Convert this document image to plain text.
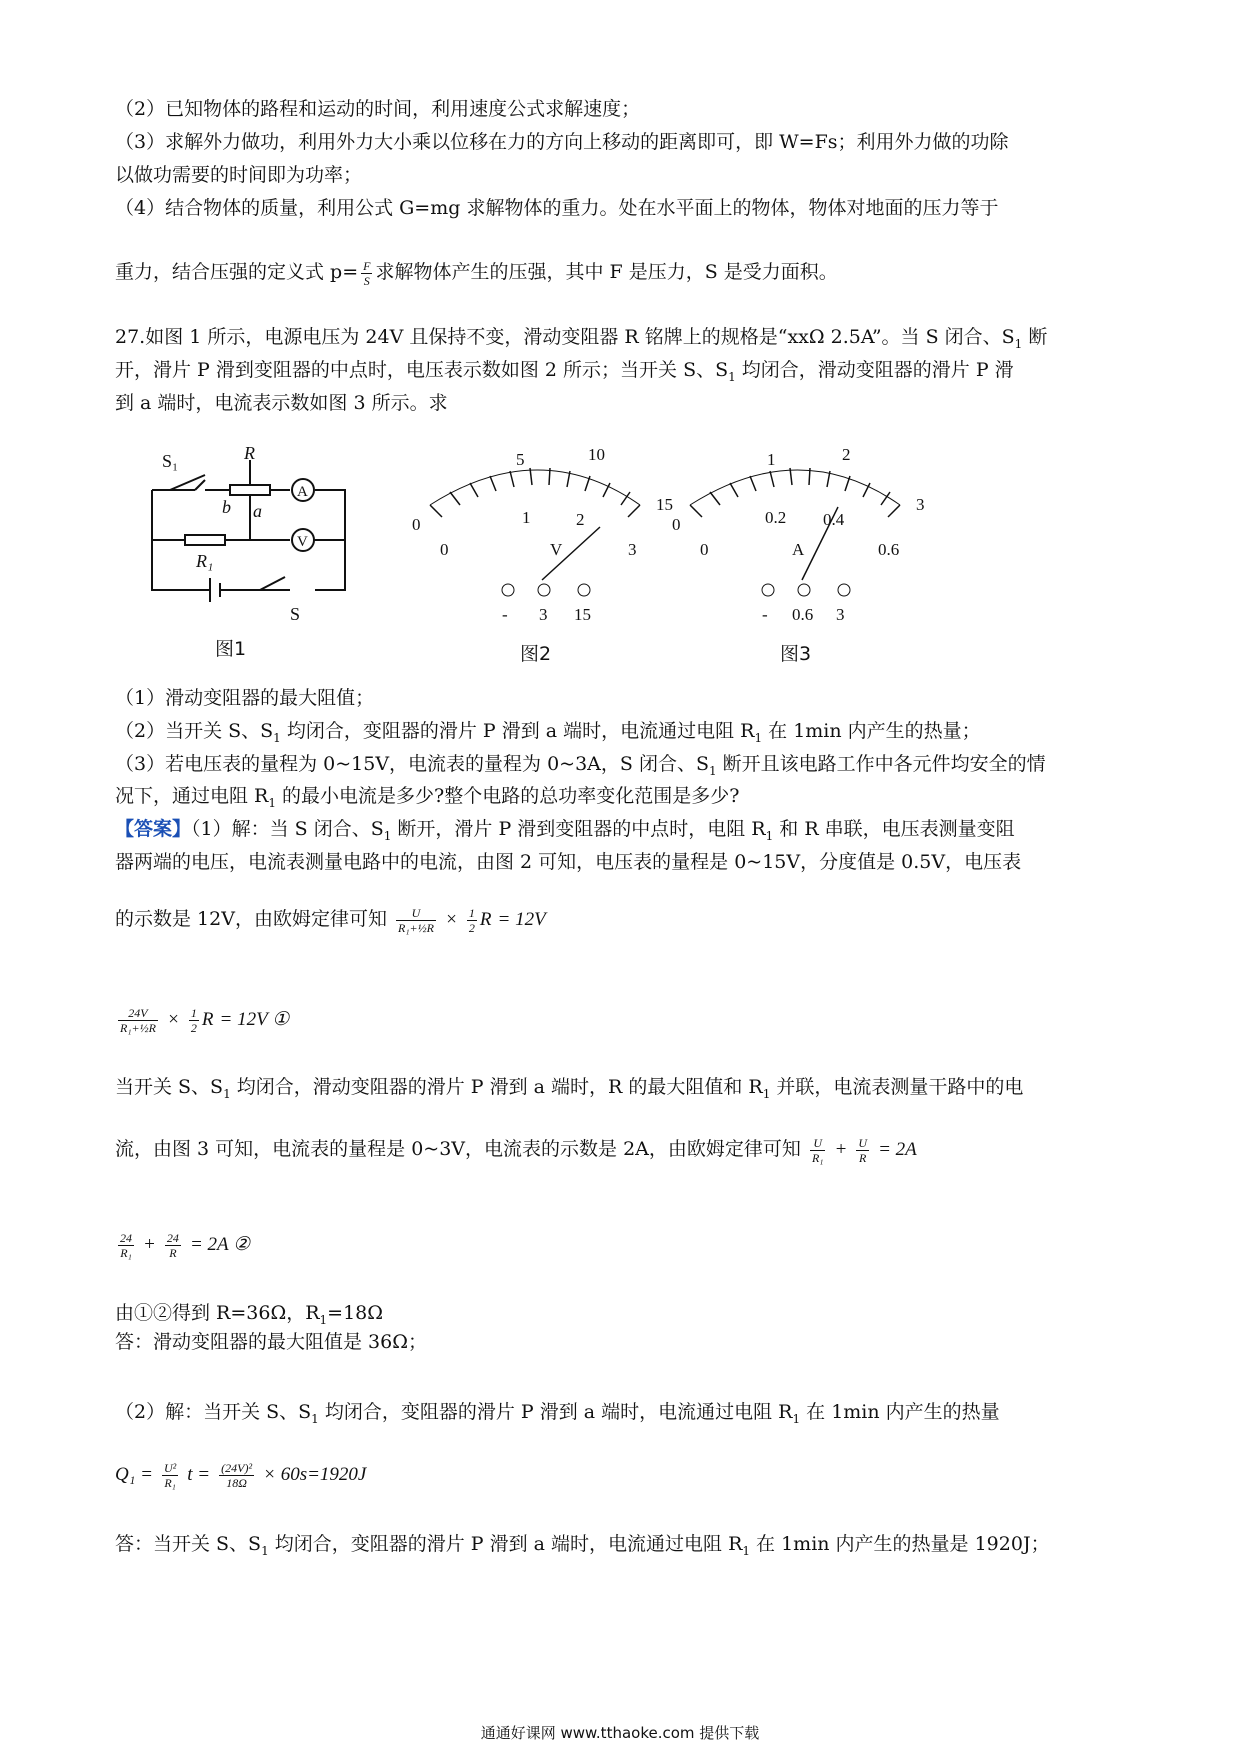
（2）已知物体的路程和运动的时间，利用速度公式求解速度；
（3）求解外力做功，利用外力大小乘以位移在力的方向上移动的距离即可，即 W=Fs；利用外力做的功除
以做功需要的时间即为功率；
（4）结合物体的质量，利用公式 G=mg 求解物体的重力。处在水平面上的物体，物体对地面的压力等于
重力，结合压强的定义式 $p= \frac{F}{S}$ 求解物体产生的压强，其中 F 是压力，S 是受力面积。
27.如图 1 所示，电源电压为 24V 且保持不变，滑动变阻器 R 铭牌上的规格是“xxΩ 2.5A”。当 S 闭合、$S_1$ 断
开，滑片 P 滑到变阻器的中点时，电压表示数如图 2 所示；当开关 S、$S_1$ 均闭合，滑动变阻器的滑片 P 滑
到 a 端时，电流表示数如图 3 所示。求
S₁	R
a
b
A
V
R₁
S
图1
0
0
5	10
15
1	2
3
V
- 3 15
图2
0
0
1	2
3
0.2 0.4
0.6
A
- 0.6 3
图3
（1）滑动变阻器的最大阻值；
（2）当开关 S、$S_1$ 均闭合，变阻器的滑片 P 滑到 a 端时，电流通过电阻 $R_1$ 在 1min 内产生的热量；
（3）若电压表的量程为 0~15V，电流表的量程为 0~3A，S 闭合、$S_1$ 断开且该电路工作中各元件均安全的情
况下，通过电阻 $R_1$ 的最小电流是多少?整个电路的总功率变化范围是多少?
【答案】（1）解：当 S 闭合、$S_1$ 断开，滑片 P 滑到变阻器的中点时，电阻 $R_1$ 和 R 串联，电压表测量变阻
器两端的电压，电流表测量电路中的电流，由图 2 可知，电压表的量程是 0~15V，分度值是 0.5V，电压表
的示数是 12V，由欧姆定律可知 $\frac{U}{\text{R₁+½R}} \times \frac{1}{2}$ R = 12V
$\frac{24V}{\text{R₁+½R}} \times \frac{1}{2}$ R = 12V ①
当开关 S、$S_1$ 均闭合，滑动变阻器的滑片 P 滑到 a 端时，R 的最大阻值和 $R_1$ 并联，电流表测量干路中的电
流，由图 3 可知，电流表的量程是 0~3V，电流表的示数是 2A，由欧姆定律可知 $\frac{U}{\text{R₁}} + \frac{U}{R} = 2A$
$\frac{24}{\text{R₁}} + \frac{24}{R} = 2A$ ②
由①②得到 R=36Ω，$R_1=18\Omega$
答：滑动变阻器的最大阻值是 36Ω；
（2）解：当开关 S、$S_1$ 均闭合，变阻器的滑片 P 滑到 a 端时，电流通过电阻 $R_1$ 在 1min 内产生的热量
$Q_1 = \frac{\text{U²}}{\text{R₁}}$ $t = \frac{\text{(24V)²}}{18\Omega} \times 60s=1920J$
答：当开关 S、$S_1$ 均闭合，变阻器的滑片 P 滑到 a 端时，电流通过电阻 $R_1$ 在 1min 内产生的热量是 1920J；
通通好课网 www.tthaoke.com 提供下载
